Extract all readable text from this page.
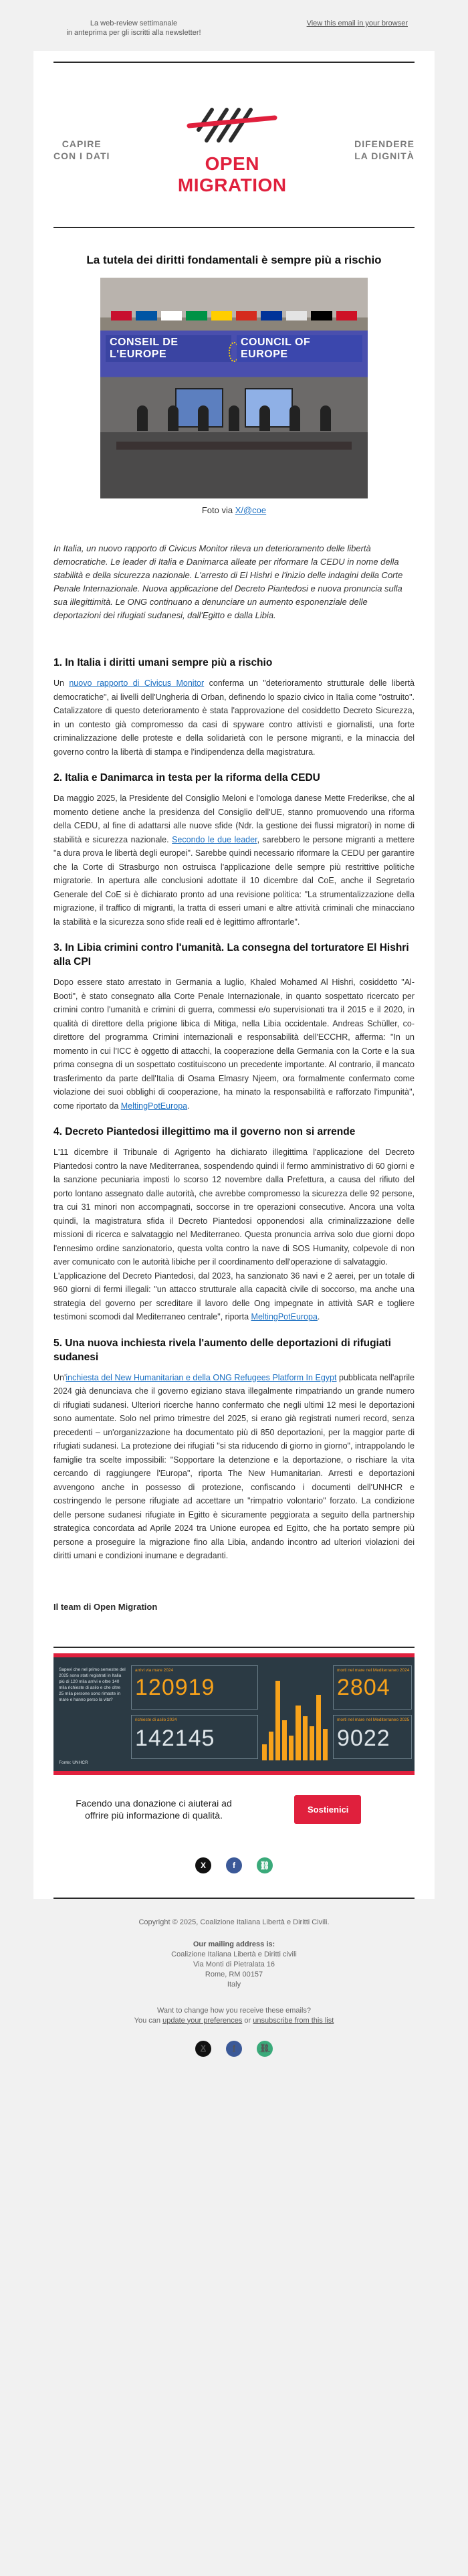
La web-review settimanale
in anteprima per gli iscritti alla newsletter!
View this email in your browser
CAPIRE
CON I DATI	OPEN MIGRATION
DIFENDERE
LA DIGNITÀ
La tutela dei diritti fondamentali è sempre più a rischio
CONSEIL DE L'EUROPE
COUNCIL OF EUROPE
Foto via X/@coe

In Italia, un nuovo rapporto di Civicus Monitor rileva un deterioramento delle libertà democratiche. Le leader di Italia e Danimarca alleate per riformare la CEDU in nome della stabilità e della sicurezza nazionale. L'arresto di El Hishri e l'inizio delle indagini della Corte Penale Internazionale. Nuova applicazione del Decreto Piantedosi e nuova pronuncia sulla sua illegittimità. Le ONG continuano a denunciare un aumento esponenziale delle deportazioni dei rifugiati sudanesi, dall'Egitto e dalla Libia.

1. In Italia i diritti umani sempre più a rischio

Un nuovo rapporto di Civicus Monitor conferma un "deterioramento strutturale delle libertà democratiche", ai livelli dell'Ungheria di Orban, definendo lo spazio civico in Italia come "ostruito". Catalizzatore di questo deterioramento è stata l'approvazione del cosiddetto Decreto Sicurezza, in un contesto già compromesso da casi di spyware contro attivisti e giornalisti, una forte criminalizzazione delle proteste e della solidarietà con le persone migranti, e la minaccia del governo contro la libertà di stampa e l'indipendenza della magistratura.

2. Italia e Danimarca in testa per la riforma della CEDU

Da maggio 2025, la Presidente del Consiglio Meloni e l'omologa danese Mette Frederikse, che al momento detiene anche la presidenza del Consiglio dell'UE, stanno promuovendo una riforma della CEDU, al fine di adattarsi alle nuove sfide (Ndr. la gestione dei flussi migratori) in nome di stabilità e sicurezza nazionale. Secondo le due leader, sarebbero le persone migranti a mettere "a dura prova le libertà degli europei". Sarebbe quindi necessario riformare la CEDU per garantire che la Corte di Strasburgo non ostruisca l'applicazione delle sempre più restrittive politiche migratorie. In apertura alle conclusioni adottate il 10 dicembre dal CoE, anche il Segretario Generale del CoE si è dichiarato pronto ad una revisione politica: "La strumentalizzazione della migrazione, il traffico di migranti, la tratta di esseri umani e altre attività criminali che minacciano la stabilità e la sicurezza sono sfide reali ed è legittimo affrontarle".

3. In Libia crimini contro l'umanità. La consegna del torturatore El Hishri alla CPI

Dopo essere stato arrestato in Germania a luglio, Khaled Mohamed Al Hishri, cosiddetto "Al-Booti", è stato consegnato alla Corte Penale Internazionale, in quanto sospettato ricercato per crimini contro l'umanità e crimini di guerra, commessi e/o supervisionati tra il 2015 e il 2020, in qualità di direttore della prigione libica di Mitiga, nella Libia occidentale. Andreas Schüller, co-direttore del programma Crimini internazionali e responsabilità dell'ECCHR, afferma: "In un momento in cui l'ICC è oggetto di attacchi, la cooperazione della Germania con la Corte e la sua prima consegna di un sospettato costituiscono un precedente importante. Al contrario, il mancato trasferimento da parte dell'Italia di Osama Elmasry Njeem, ora formalmente confermato come violazione dei suoi obblighi di cooperazione, ha minato la responsabilità e rafforzato l'impunità", come riportato da MeltingPotEuropa.

4. Decreto Piantedosi illegittimo ma il governo non si arrende

L'11 dicembre il Tribunale di Agrigento ha dichiarato illegittima l'applicazione del Decreto Piantedosi contro la nave Mediterranea, sospendendo quindi il fermo amministrativo di 60 giorni e la sanzione pecuniaria imposti lo scorso 12 novembre dalla Prefettura, a causa del rifiuto del porto lontano assegnato dalle autorità, che avrebbe compromesso la sicurezza delle 92 persone, tra cui 31 minori non accompagnati, soccorse in tre operazioni consecutive. Ancora una volta quindi, la magistratura sfida il Decreto Piantedosi opponendosi alla criminalizzazione delle missioni di ricerca e salvataggio nel Mediterraneo. Questa pronuncia arriva solo due giorni dopo l'ennesimo ordine sanzionatorio, questa volta contro la nave di SOS Humanity, colpevole di non aver comunicato con le autorità libiche per il coordinamento dell'operazione di salvataggio.
L'applicazione del Decreto Piantedosi, dal 2023, ha sanzionato 36 navi e 2 aerei, per un totale di 960 giorni di fermi illegali: "un attacco strutturale alla capacità civile di soccorso, ma anche una strategia del governo per screditare il lavoro delle Ong impegnate in attività SAR e togliere testimoni scomodi dal Mediterraneo centrale", riporta MeltingPotEuropa.

5. Una nuova inchiesta rivela l'aumento delle deportazioni di rifugiati sudanesi

Un'inchiesta del New Humanitarian e della ONG Refugees Platform In Egypt pubblicata nell'aprile 2024 già denunciava che il governo egiziano stava illegalmente rimpatriando un grande numero di rifugiati sudanesi. Ulteriori ricerche hanno confermato che negli ultimi 12 mesi le deportazioni sono aumentate. Solo nel primo trimestre del 2025, si erano già registrati numeri record, senza precedenti – un'organizzazione ha documentato più di 850 deportazioni, per la maggior parte di rifugiati sudanesi. La protezione dei rifugiati "si sta riducendo di giorno in giorno", intrappolando le famiglie tra scelte impossibili: "Sopportare la detenzione e la deportazione, o rischiare la vita cercando di raggiungere l'Europa", riporta The New Humanitarian. Arresti e deportazioni avvengono anche in possesso di protezione, confiscando i documenti dell'UNHCR e costringendo le persone rifugiate ad accettare un "rimpatrio volontario" forzato. La condizione delle persone sudanesi rifugiate in Egitto è sicuramente peggiorata a seguito della partnership strategica concordata ad Aprile 2024 tra Unione europea ed Egitto, che ha portato sempre più persone a proseguire la migrazione fino alla Libia, andando incontro ad ulteriori violazioni dei diritti umani e condizioni inumane e degradanti.

Il team di Open Migration
Sapevi che nel primo semestre del 2025 sono stati registrati in Italia più di 120 mila arrivi e oltre 140 mila richieste di asilo e che oltre 25 mila persone sono rimaste in mare e hanno perso la vita?
arrivi via mare 2024
120919
richieste di asilo 2024
142145
morti nel mare nel Mediterraneo 2024
2804
morti nel mare nel Mediterraneo 2025
9022
Fonte: UNHCR
Facendo una donazione ci aiuterai ad offrire più informazione di qualità.
Sostienici
X	f	⛓
Copyright © 2025, Coalizione Italiana Libertà e Diritti Civili.
Our mailing address is:
Coalizione Italiana Libertà e Diritti civili
Via Monti di Pietralata 16
Rome, RM 00157
Italy
Want to change how you receive these emails?
You can update your preferences or unsubscribe from this list
X	f	⛓
